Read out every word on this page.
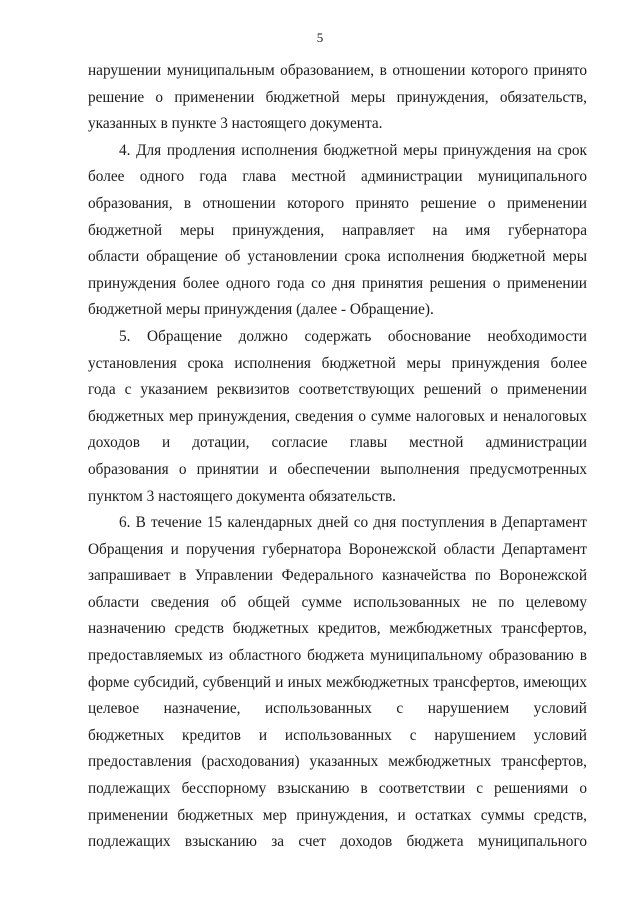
5
нарушении муниципальным образованием, в отношении которого принято
решение о применении бюджетной меры принуждения, обязательств,
указанных в пункте 3 настоящего документа.
4. Для продления исполнения бюджетной меры принуждения на срок
более одного года глава местной администрации муниципального
образования, в отношении которого принято решение о применении
бюджетной меры принуждения, направляет на имя губернатора
области обращение об установлении срока исполнения бюджетной меры
принуждения более одного года со дня принятия решения о применении
бюджетной меры принуждения (далее - Обращение).
5. Обращение должно содержать обоснование необходимости
установления срока исполнения бюджетной меры принуждения более
года с указанием реквизитов соответствующих решений о применении
бюджетных мер принуждения, сведения о сумме налоговых и неналоговых
доходов и дотации, согласие главы местной администрации
образования о принятии и обеспечении выполнения предусмотренных
пунктом 3 настоящего документа обязательств.
6. В течение 15 календарных дней со дня поступления в Департамент
Обращения и поручения губернатора Воронежской области Департамент
запрашивает в Управлении Федерального казначейства по Воронежской
области сведения об общей сумме использованных не по целевому
назначению средств бюджетных кредитов, межбюджетных трансфертов,
предоставляемых из областного бюджета муниципальному образованию в
форме субсидий, субвенций и иных межбюджетных трансфертов, имеющих
целевое назначение, использованных с нарушением условий
бюджетных кредитов и использованных с нарушением условий
предоставления (расходования) указанных межбюджетных трансфертов,
подлежащих бесспорному взысканию в соответствии с решениями о
применении бюджетных мер принуждения, и остатках суммы средств,
подлежащих взысканию за счет доходов бюджета муниципального
